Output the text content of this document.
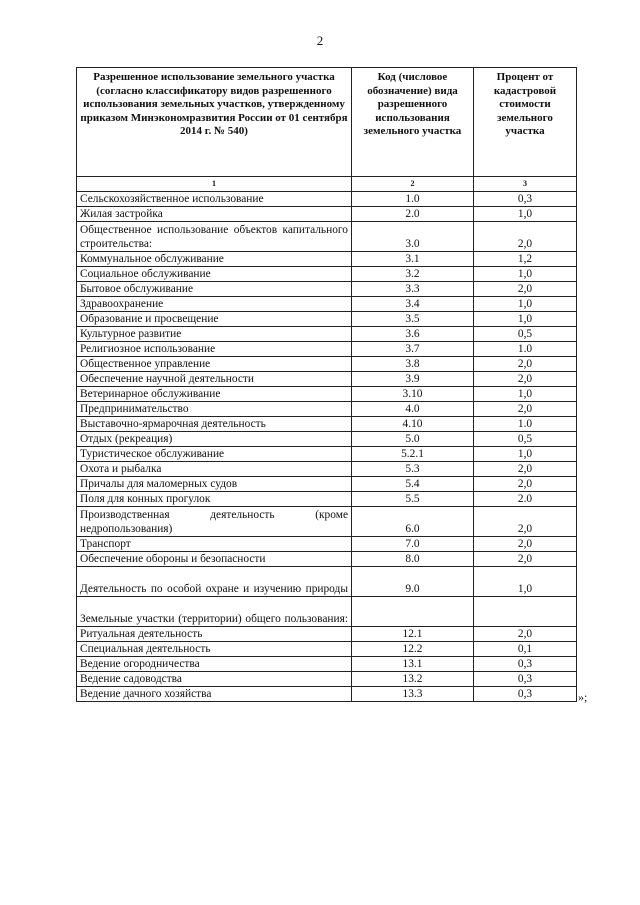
2
Разрешенное использование земельного участка (согласно классификатору видов разрешенного использования земельных участков, утвержденному приказом Минэкономразвития России от 01 сентября 2014 г. № 540)	Код (числовое обозначение) вида разрешенного использования земельного участка	Процент от кадастровой стоимости земельного участка
1	2	3
Сельскохозяйственное использование	1.0	0,3
Жилая застройка	2.0	1,0
Общественное использование объектов капитального строительства:	3.0	2,0
Коммунальное обслуживание	3.1	1,2
Социальное обслуживание	3.2	1,0
Бытовое обслуживание	3.3	2,0
Здравоохранение	3.4	1,0
Образование и просвещение	3.5	1,0
Культурное развитие	3.6	0,5
Религиозное использование	3.7	1.0
Общественное управление	3.8	2,0
Обеспечение научной деятельности	3.9	2,0
Ветеринарное обслуживание	3.10	1,0
Предпринимательство	4.0	2,0
Выставочно-ярмарочная деятельность	4.10	1.0
Отдых (рекреация)	5.0	0,5
Туристическое обслуживание	5.2.1	1,0
Охота и рыбалка	5.3	2,0
Причалы для маломерных судов	5.4	2,0
Поля для конных прогулок	5.5	2.0
Производственная деятельность (кроме недропользования)	6.0	2,0
Транспорт	7.0	2,0
Обеспечение обороны и безопасности	8.0	2,0
Деятельность по особой охране и изучению природы	9.0	1,0
Земельные участки (территории) общего пользования:		
Ритуальная деятельность	12.1	2,0
Специальная деятельность	12.2	0,1
Ведение огородничества	13.1	0,3
Ведение садоводства	13.2	0,3
Ведение дачного хозяйства	13.3	0,3	»;
